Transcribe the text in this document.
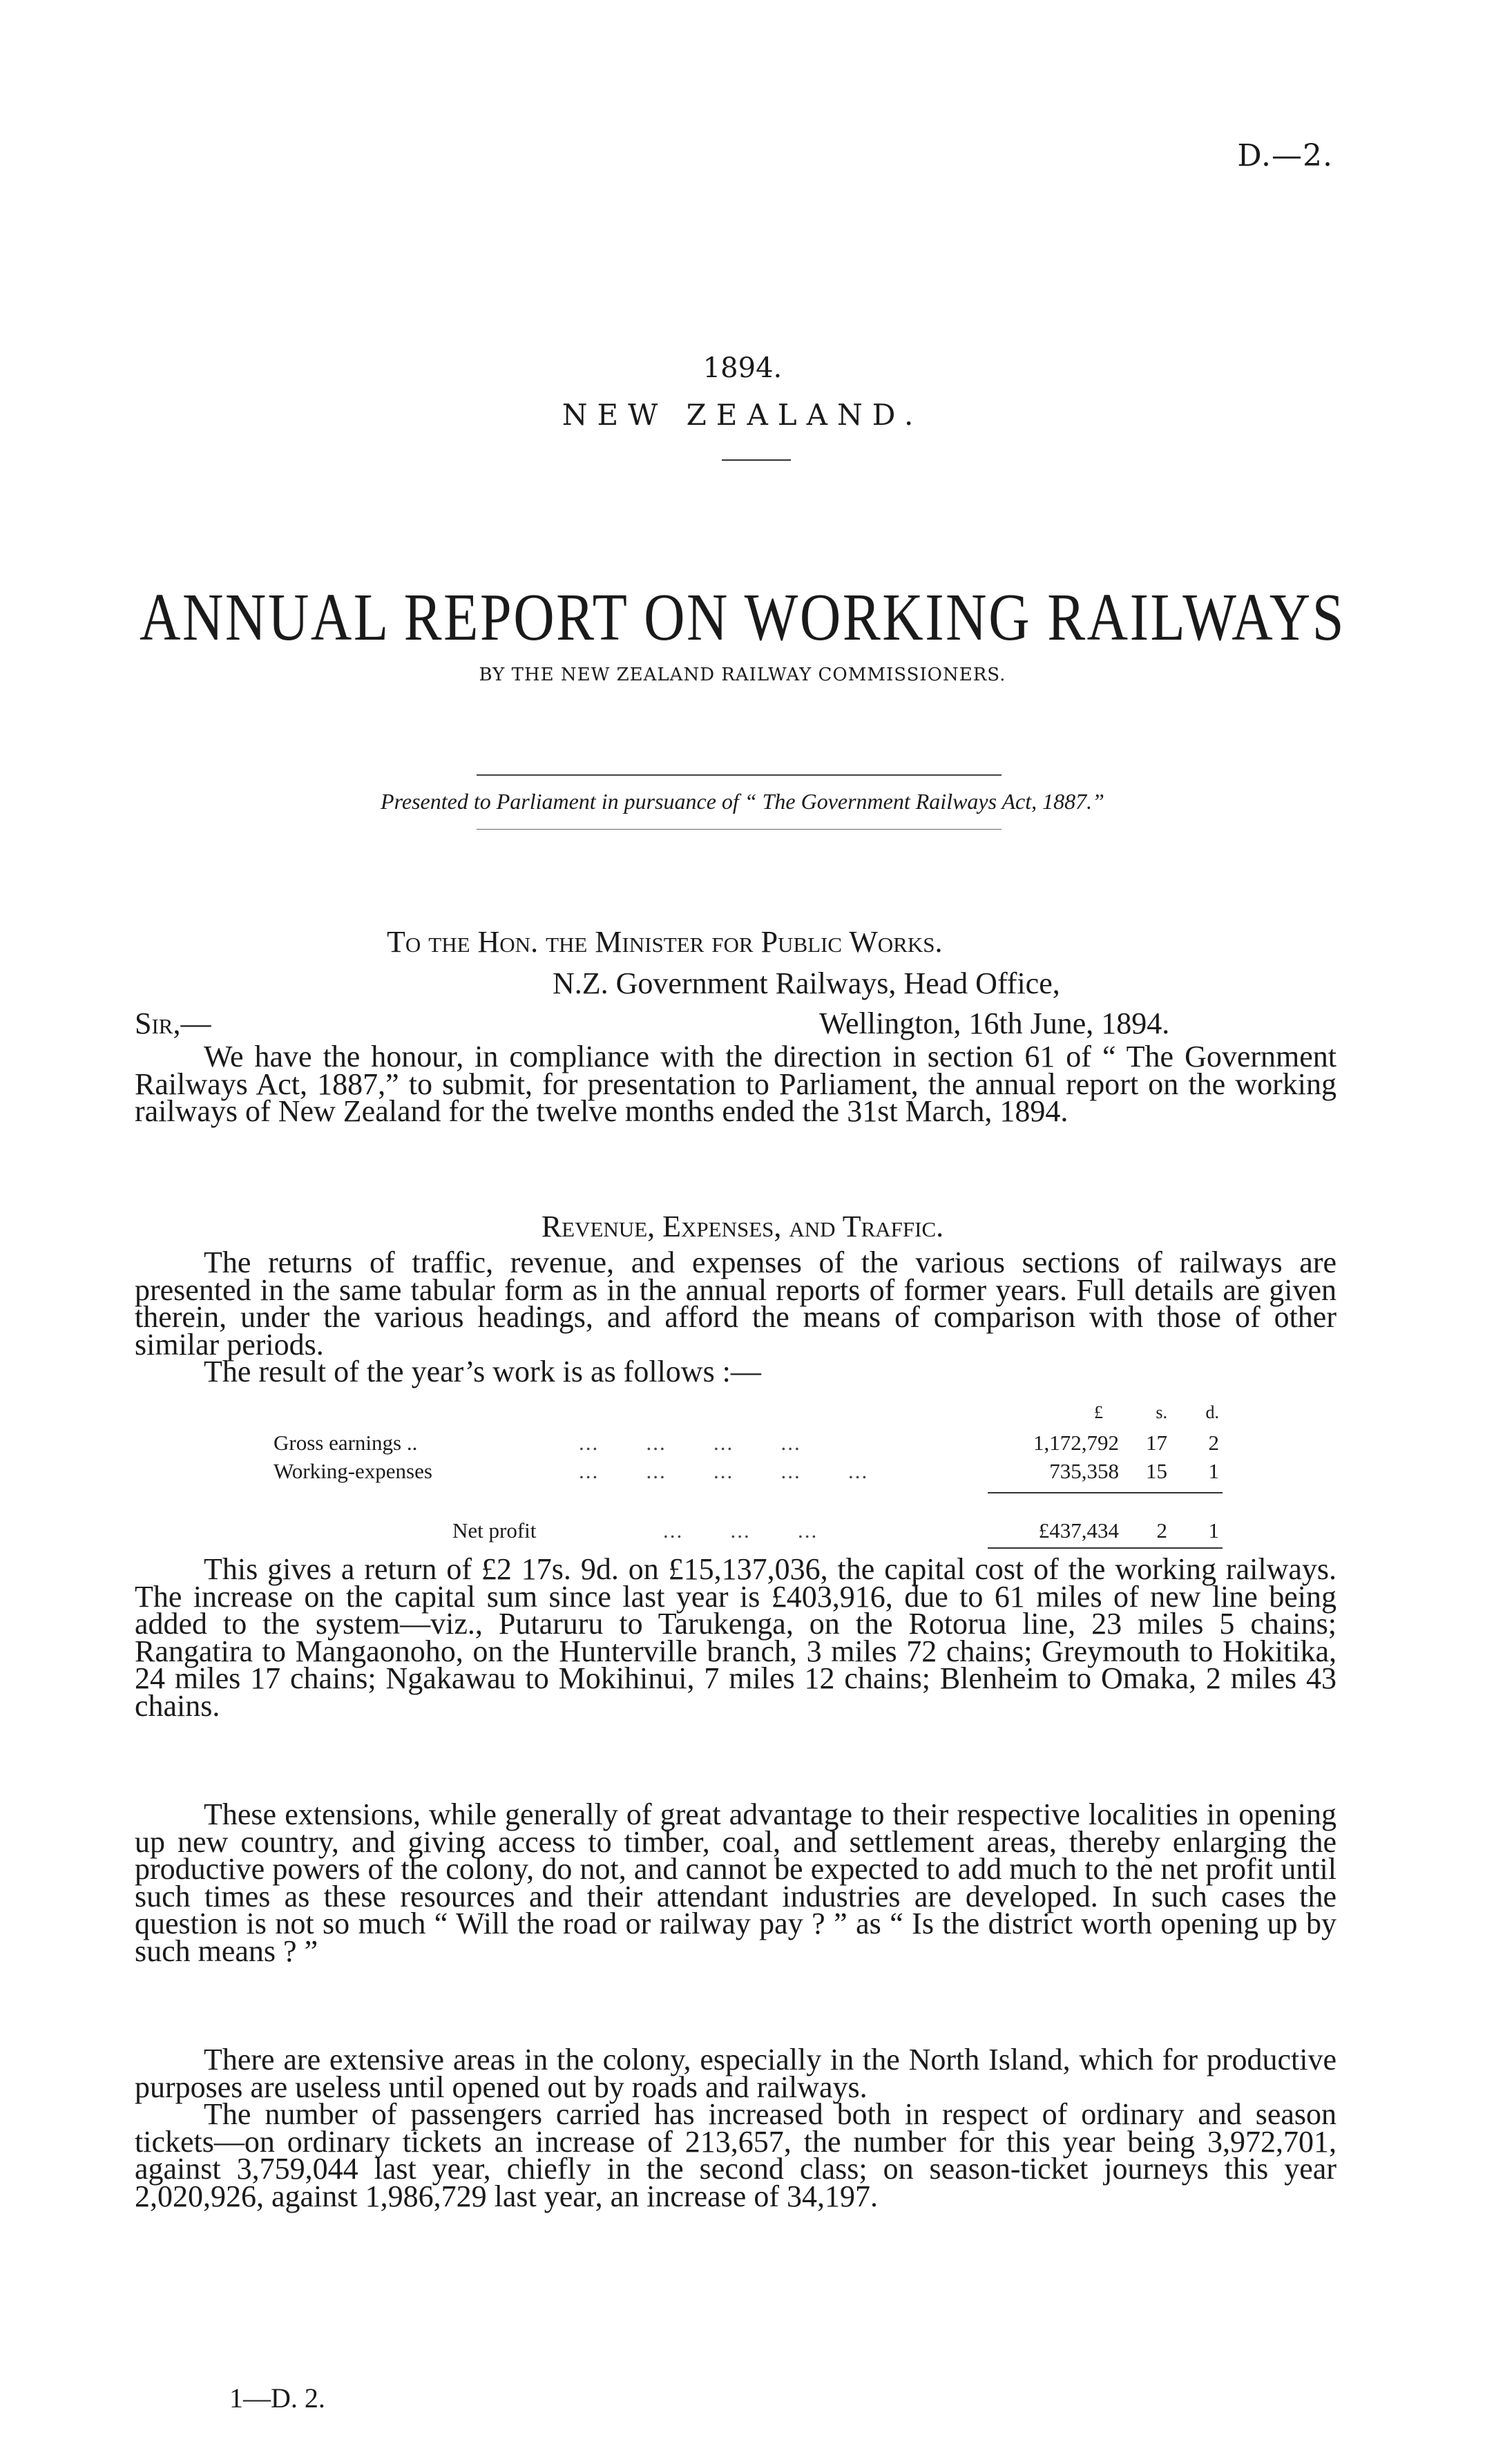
D.—2.
1894.
NEW ZEALAND.
ANNUAL REPORT ON WORKING RAILWAYS
BY THE NEW ZEALAND RAILWAY COMMISSIONERS.
Presented to Parliament in pursuance of “ The Government Railways Act, 1887.”
To the Hon. the Minister for Public Works.
N.Z. Government Railways, Head Office,
Sir,—	Wellington, 16th June, 1894.
We have the honour, in compliance with the direction in section 61 of “ The Government Railways Act, 1887,” to submit, for presentation to Parliament, the annual report on the working railways of New Zealand for the twelve months ended the 31st March, 1894.
Revenue, Expenses, and Traffic.
The returns of traffic, revenue, and expenses of the various sections of railways are presented in the same tabular form as in the annual reports of former years. Full details are given therein, under the various headings, and afford the means of comparison with those of other similar periods.
The result of the year’s work is as follows :—
£	s.	d.
Gross earnings ..	...       ...       ...       ...	1,172,792	17	2
Working-expenses	...       ...       ...       ...       ...	735,358	15	1
Net profit	...       ...       ...	£437,434	2	1
This gives a return of £2 17s. 9d. on £15,137,036, the capital cost of the working railways. The increase on the capital sum since last year is £403,916, due to 61 miles of new line being added to the system—viz., Putaruru to Tarukenga, on the Rotorua line, 23 miles 5 chains; Rangatira to Mangaonoho, on the Hunterville branch, 3 miles 72 chains; Greymouth to Hokitika, 24 miles 17 chains; Ngakawau to Mokihinui, 7 miles 12 chains; Blenheim to Omaka, 2 miles 43 chains.
These extensions, while generally of great advantage to their respective localities in opening up new country, and giving access to timber, coal, and settlement areas, thereby enlarging the productive powers of the colony, do not, and cannot be expected to add much to the net profit until such times as these resources and their attendant industries are developed. In such cases the question is not so much “ Will the road or railway pay ? ” as “ Is the district worth opening up by such means ? ”
There are extensive areas in the colony, especially in the North Island, which for productive purposes are useless until opened out by roads and railways.
The number of passengers carried has increased both in respect of ordinary and season tickets—on ordinary tickets an increase of 213,657, the number for this year being 3,972,701, against 3,759,044 last year, chiefly in the second class; on season-ticket journeys this year 2,020,926, against 1,986,729 last year, an increase of 34,197.
1—D. 2.
